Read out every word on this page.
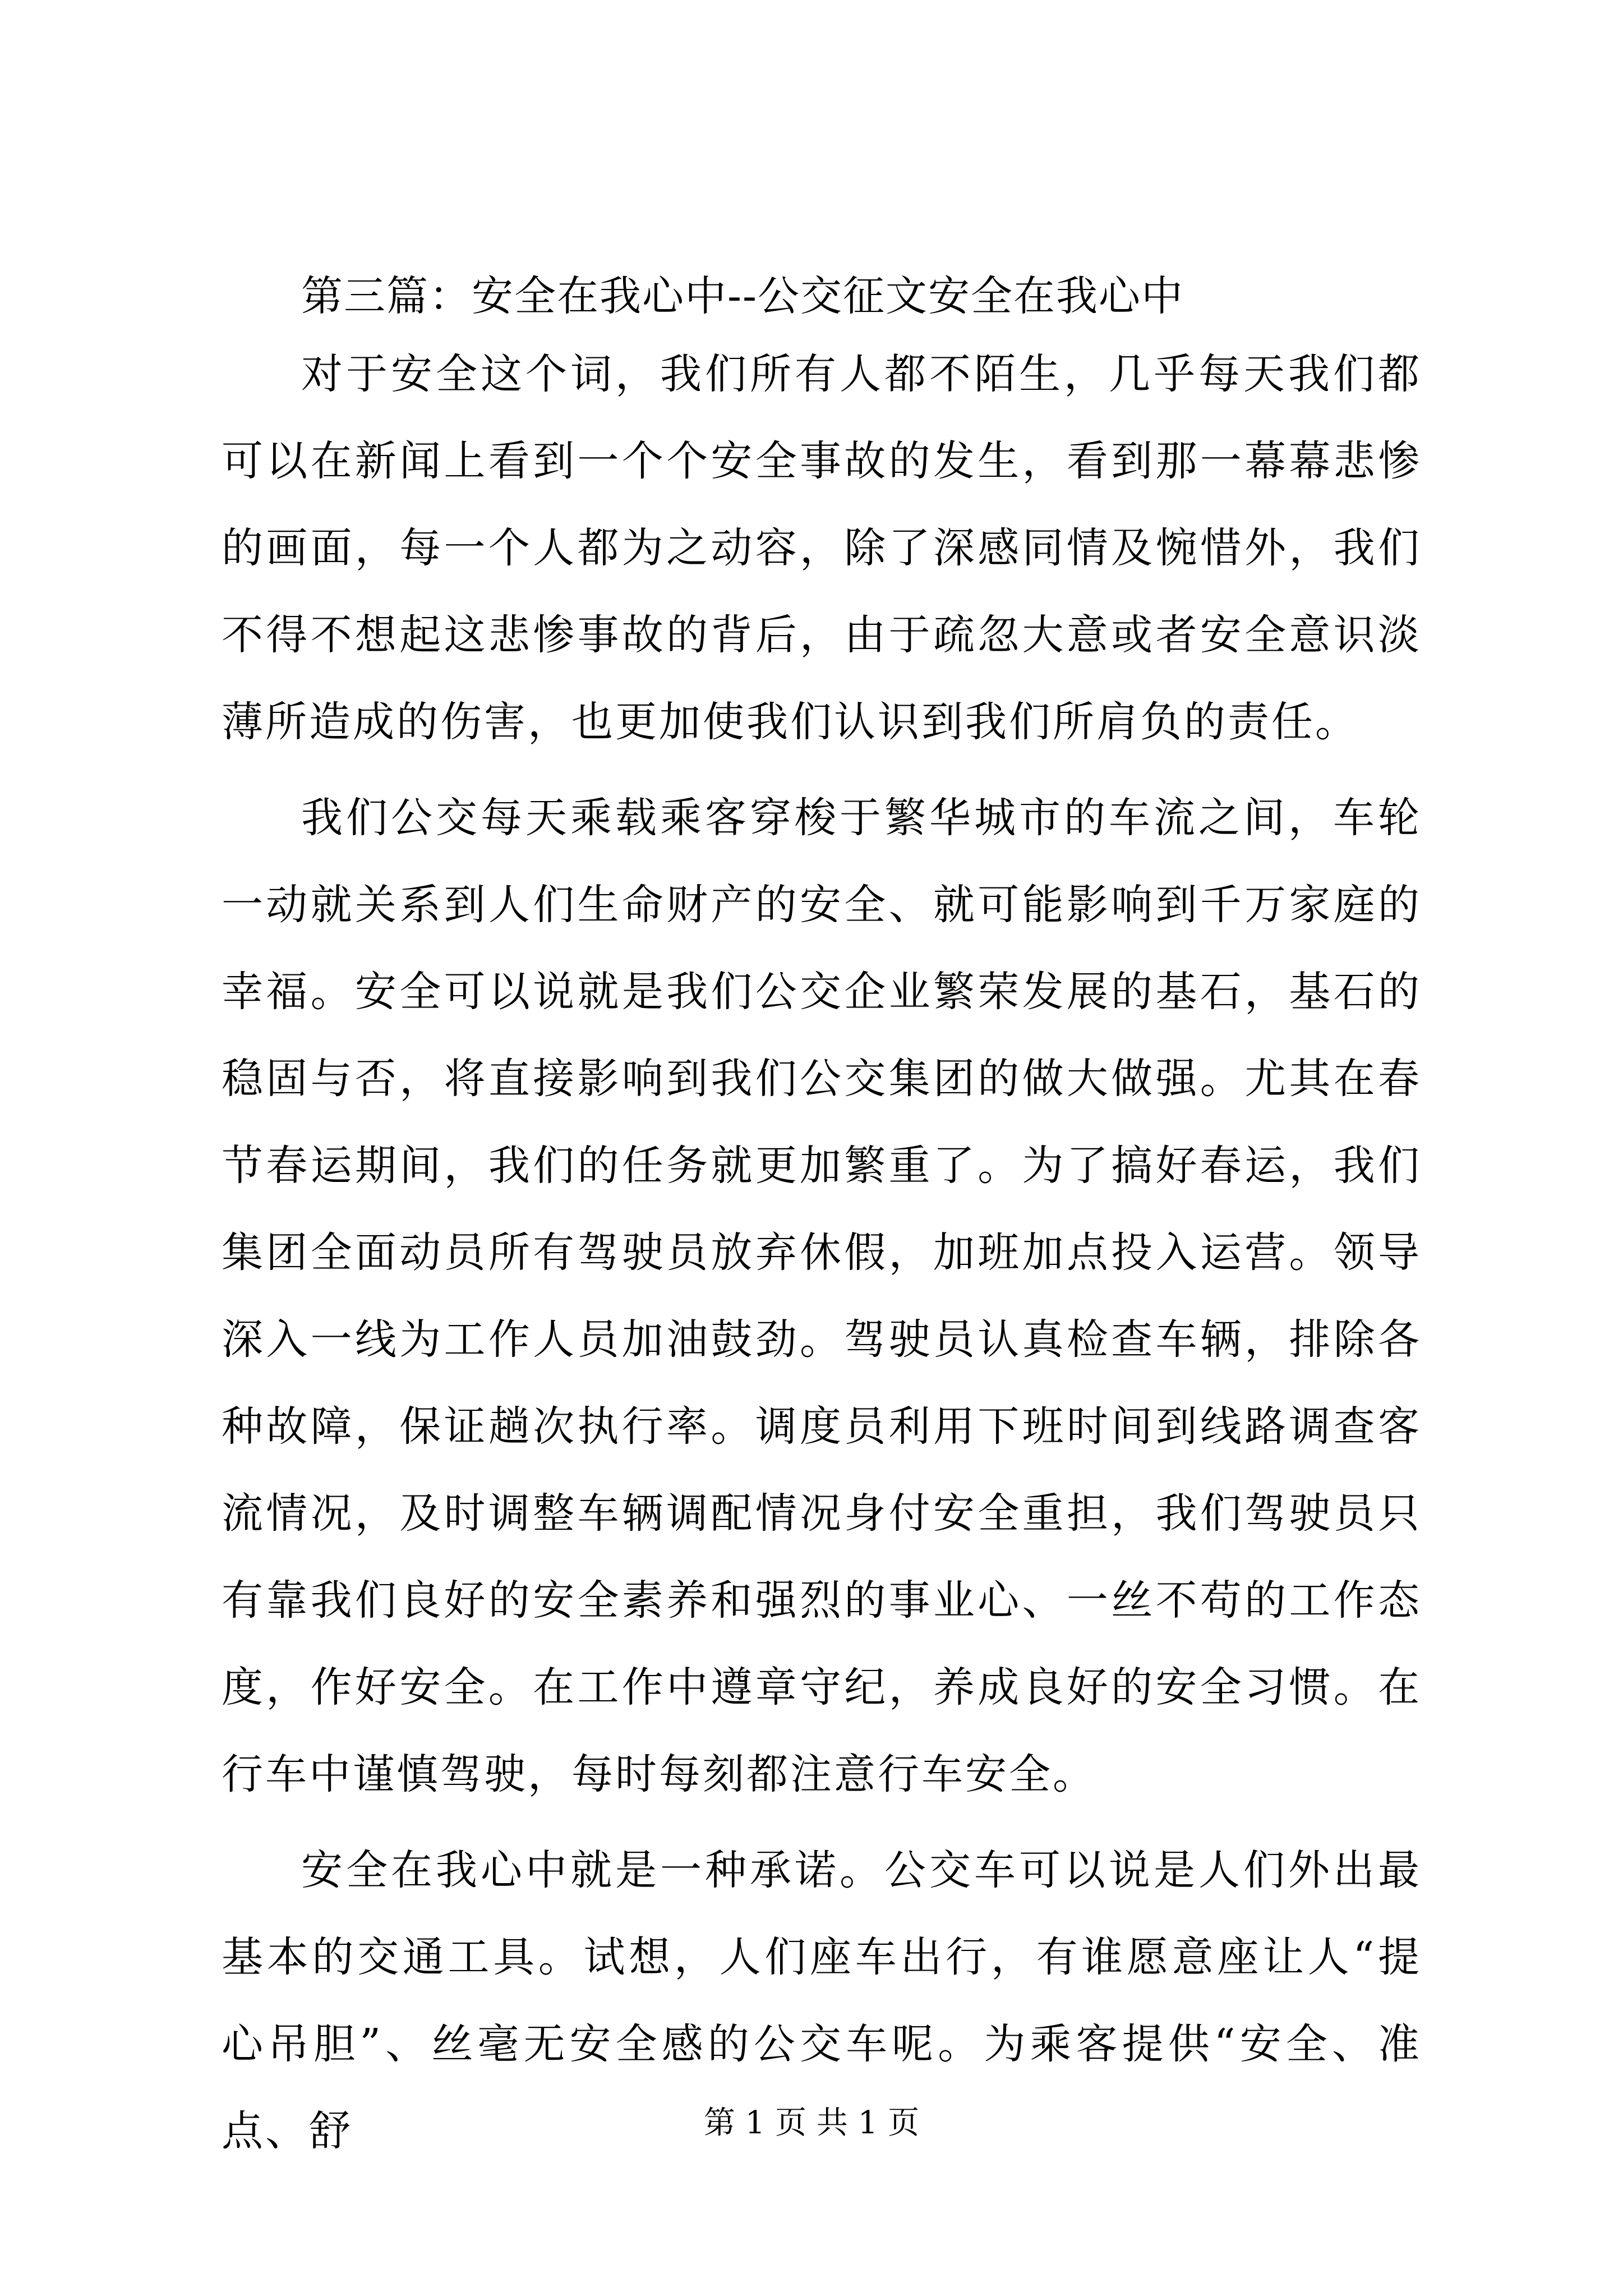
第三篇：安全在我心中--公交征文安全在我心中

对于安全这个词，我们所有人都不陌生，几乎每天我们都可以在新闻上看到一个个安全事故的发生，看到那一幕幕悲惨的画面，每一个人都为之动容，除了深感同情及惋惜外，我们不得不想起这悲惨事故的背后，由于疏忽大意或者安全意识淡薄所造成的伤害，也更加使我们认识到我们所肩负的责任。

我们公交每天乘载乘客穿梭于繁华城市的车流之间，车轮一动就关系到人们生命财产的安全、就可能影响到千万家庭的幸福。安全可以说就是我们公交企业繁荣发展的基石，基石的稳固与否，将直接影响到我们公交集团的做大做强。尤其在春节春运期间，我们的任务就更加繁重了。为了搞好春运，我们集团全面动员所有驾驶员放弃休假，加班加点投入运营。领导深入一线为工作人员加油鼓劲。驾驶员认真检查车辆，排除各种故障，保证趟次执行率。调度员利用下班时间到线路调查客流情况，及时调整车辆调配情况身付安全重担，我们驾驶员只有靠我们良好的安全素养和强烈的事业心、一丝不苟的工作态度，作好安全。在工作中遵章守纪，养成良好的安全习惯。在行车中谨慎驾驶，每时每刻都注意行车安全。

安全在我心中就是一种承诺。公交车可以说是人们外出最基本的交通工具。试想，人们座车出行，有谁愿意座让人“提心吊胆”、丝毫无安全感的公交车呢。为乘客提供“安全、准点、舒	第 1 页 共 1 页
